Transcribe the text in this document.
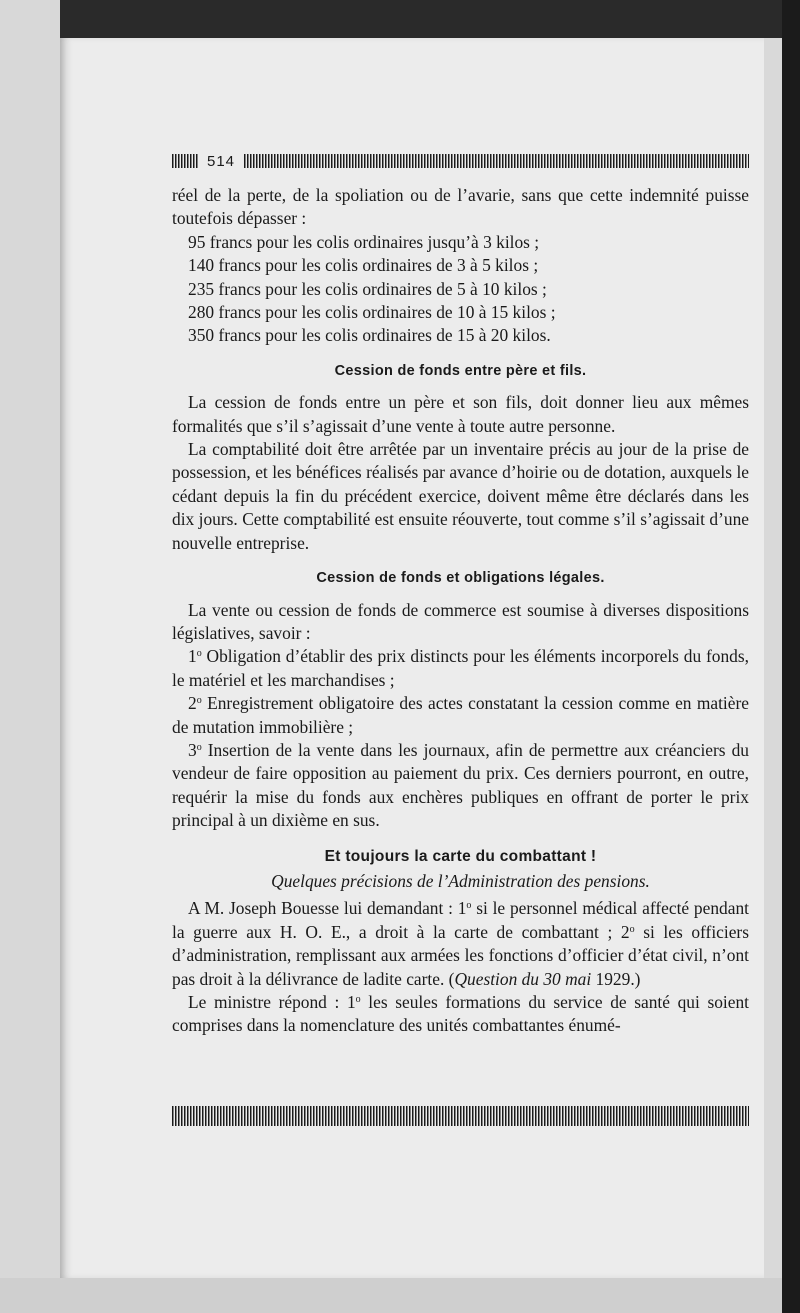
514

réel de la perte, de la spoliation ou de l’avarie, sans que cette indemnité puisse toutefois dépasser :

95 francs pour les colis ordinaires jusqu’à 3 kilos ;

140 francs pour les colis ordinaires de 3 à 5 kilos ;

235 francs pour les colis ordinaires de 5 à 10 kilos ;

280 francs pour les colis ordinaires de 10 à 15 kilos ;

350 francs pour les colis ordinaires de 15 à 20 kilos.

Cession de fonds entre père et fils.

La cession de fonds entre un père et son fils, doit donner lieu aux mêmes formalités que s’il s’agissait d’une vente à toute autre personne.

La comptabilité doit être arrêtée par un inventaire précis au jour de la prise de possession, et les bénéfices réalisés par avance d’hoirie ou de dotation, auxquels le cédant depuis la fin du précédent exercice, doivent même être déclarés dans les dix jours. Cette comptabilité est ensuite réouverte, tout comme s’il s’agissait d’une nouvelle entreprise.

Cession de fonds et obligations légales.

La vente ou cession de fonds de commerce est soumise à diverses dispositions législatives, savoir :

1$^o$ Obligation d’établir des prix distincts pour les éléments incorporels du fonds, le matériel et les marchandises ;

2$^o$ Enregistrement obligatoire des actes constatant la cession comme en matière de mutation immobilière ;

3$^o$ Insertion de la vente dans les journaux, afin de permettre aux créanciers du vendeur de faire opposition au paiement du prix. Ces derniers pourront, en outre, requérir la mise du fonds aux enchères publiques en offrant de porter le prix principal à un dixième en sus.

Et toujours la carte du combattant !

Quelques précisions de l’Administration des pensions.

A M. Joseph Bouesse lui demandant : 1$^o$ si le personnel médical affecté pendant la guerre aux H. O. E., a droit à la carte de combattant ; 2$^o$ si les officiers d’administration, remplissant aux armées les fonctions d’officier d’état civil, n’ont pas droit à la délivrance de ladite carte. (Question du 30 mai 1929.)

Le ministre répond : 1$^o$ les seules formations du service de santé qui soient comprises dans la nomenclature des unités combattantes énumé-
